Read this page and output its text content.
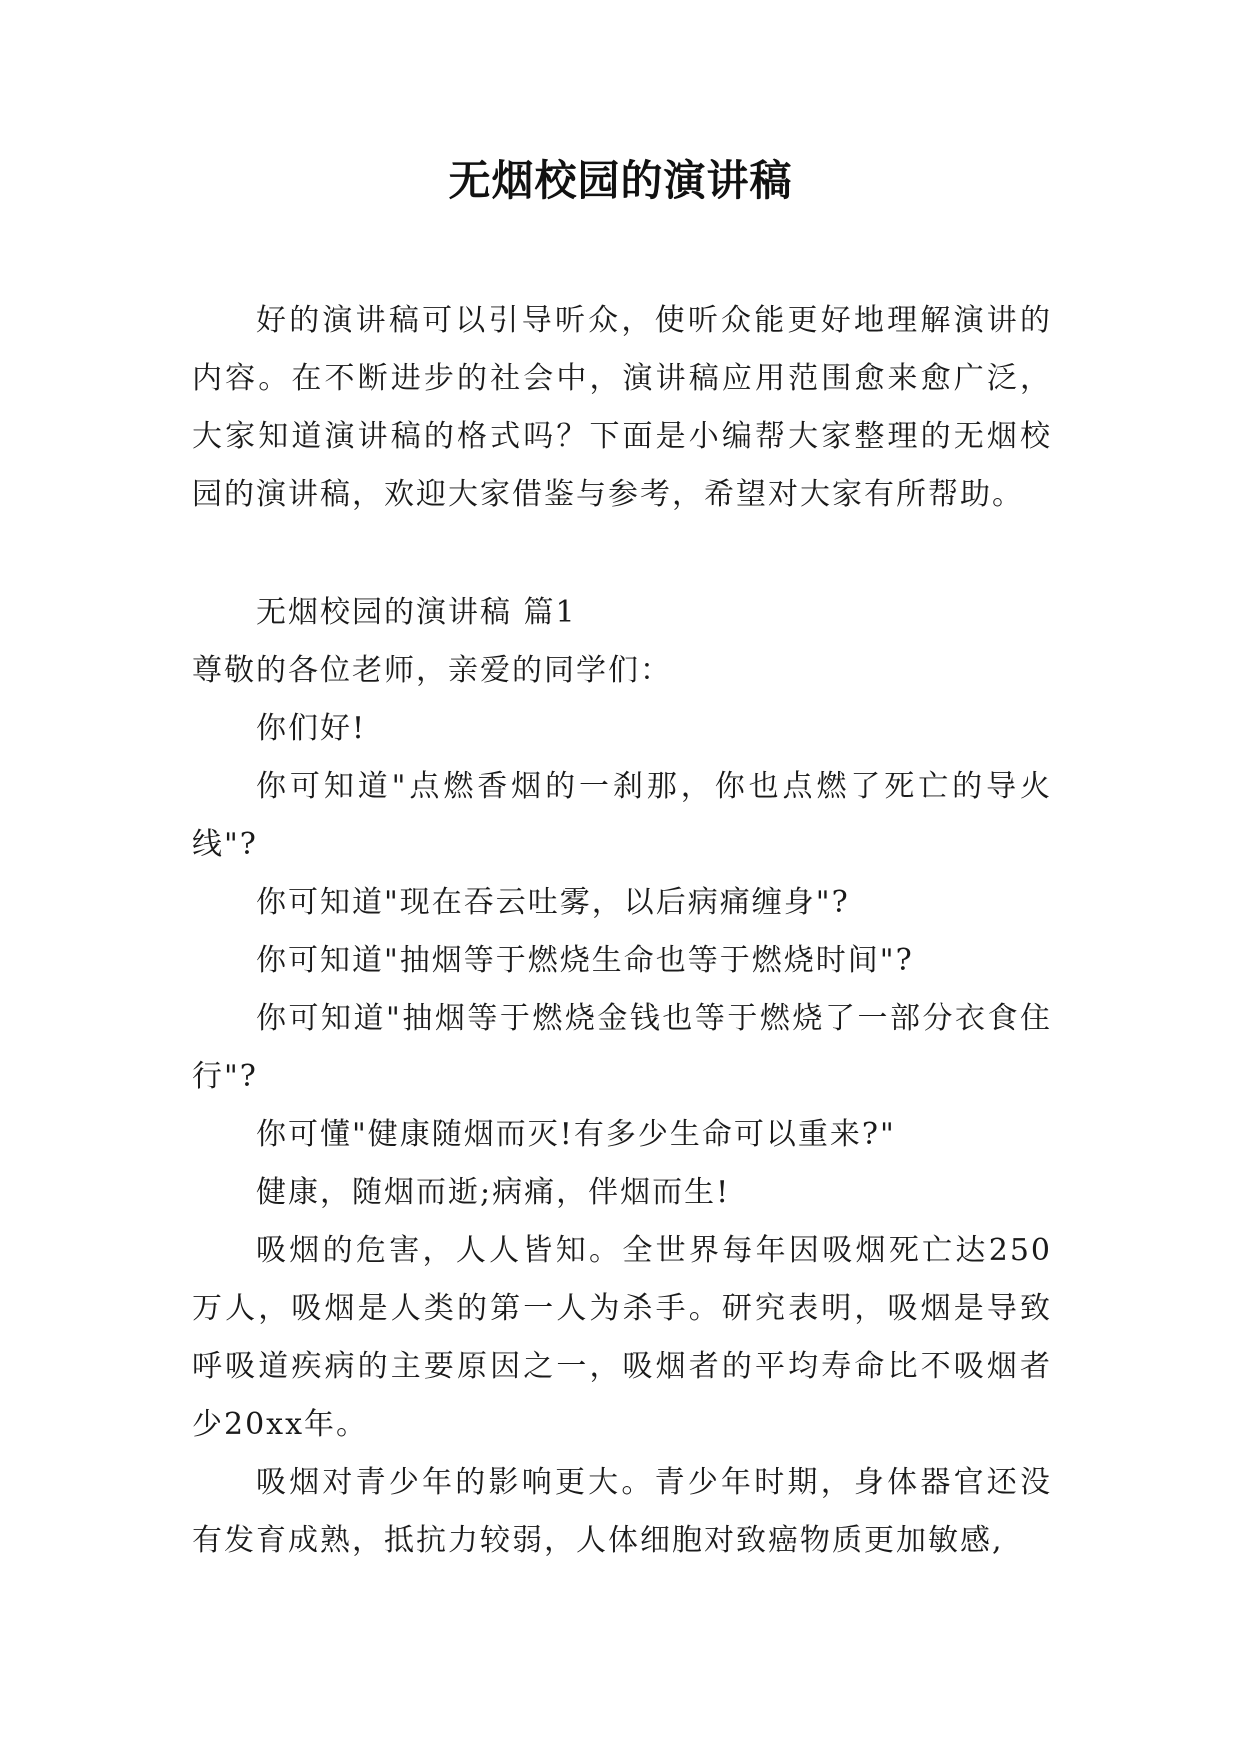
无烟校园的演讲稿

好的演讲稿可以引导听众，使听众能更好地理解演讲的内容。在不断进步的社会中，演讲稿应用范围愈来愈广泛，大家知道演讲稿的格式吗？下面是小编帮大家整理的无烟校园的演讲稿，欢迎大家借鉴与参考，希望对大家有所帮助。

无烟校园的演讲稿 篇1

尊敬的各位老师，亲爱的同学们：

你们好!

你可知道"点燃香烟的一刹那，你也点燃了死亡的导火线"?

你可知道"现在吞云吐雾，以后病痛缠身"?

你可知道"抽烟等于燃烧生命也等于燃烧时间"?

你可知道"抽烟等于燃烧金钱也等于燃烧了一部分衣食住行"?

你可懂"健康随烟而灭!有多少生命可以重来?"

健康，随烟而逝;病痛，伴烟而生!

吸烟的危害，人人皆知。全世界每年因吸烟死亡达250万人，吸烟是人类的第一人为杀手。研究表明，吸烟是导致呼吸道疾病的主要原因之一，吸烟者的平均寿命比不吸烟者少20xx年。

吸烟对青少年的影响更大。青少年时期，身体器官还没有发育成熟，抵抗力较弱，人体细胞对致癌物质更加敏感,
